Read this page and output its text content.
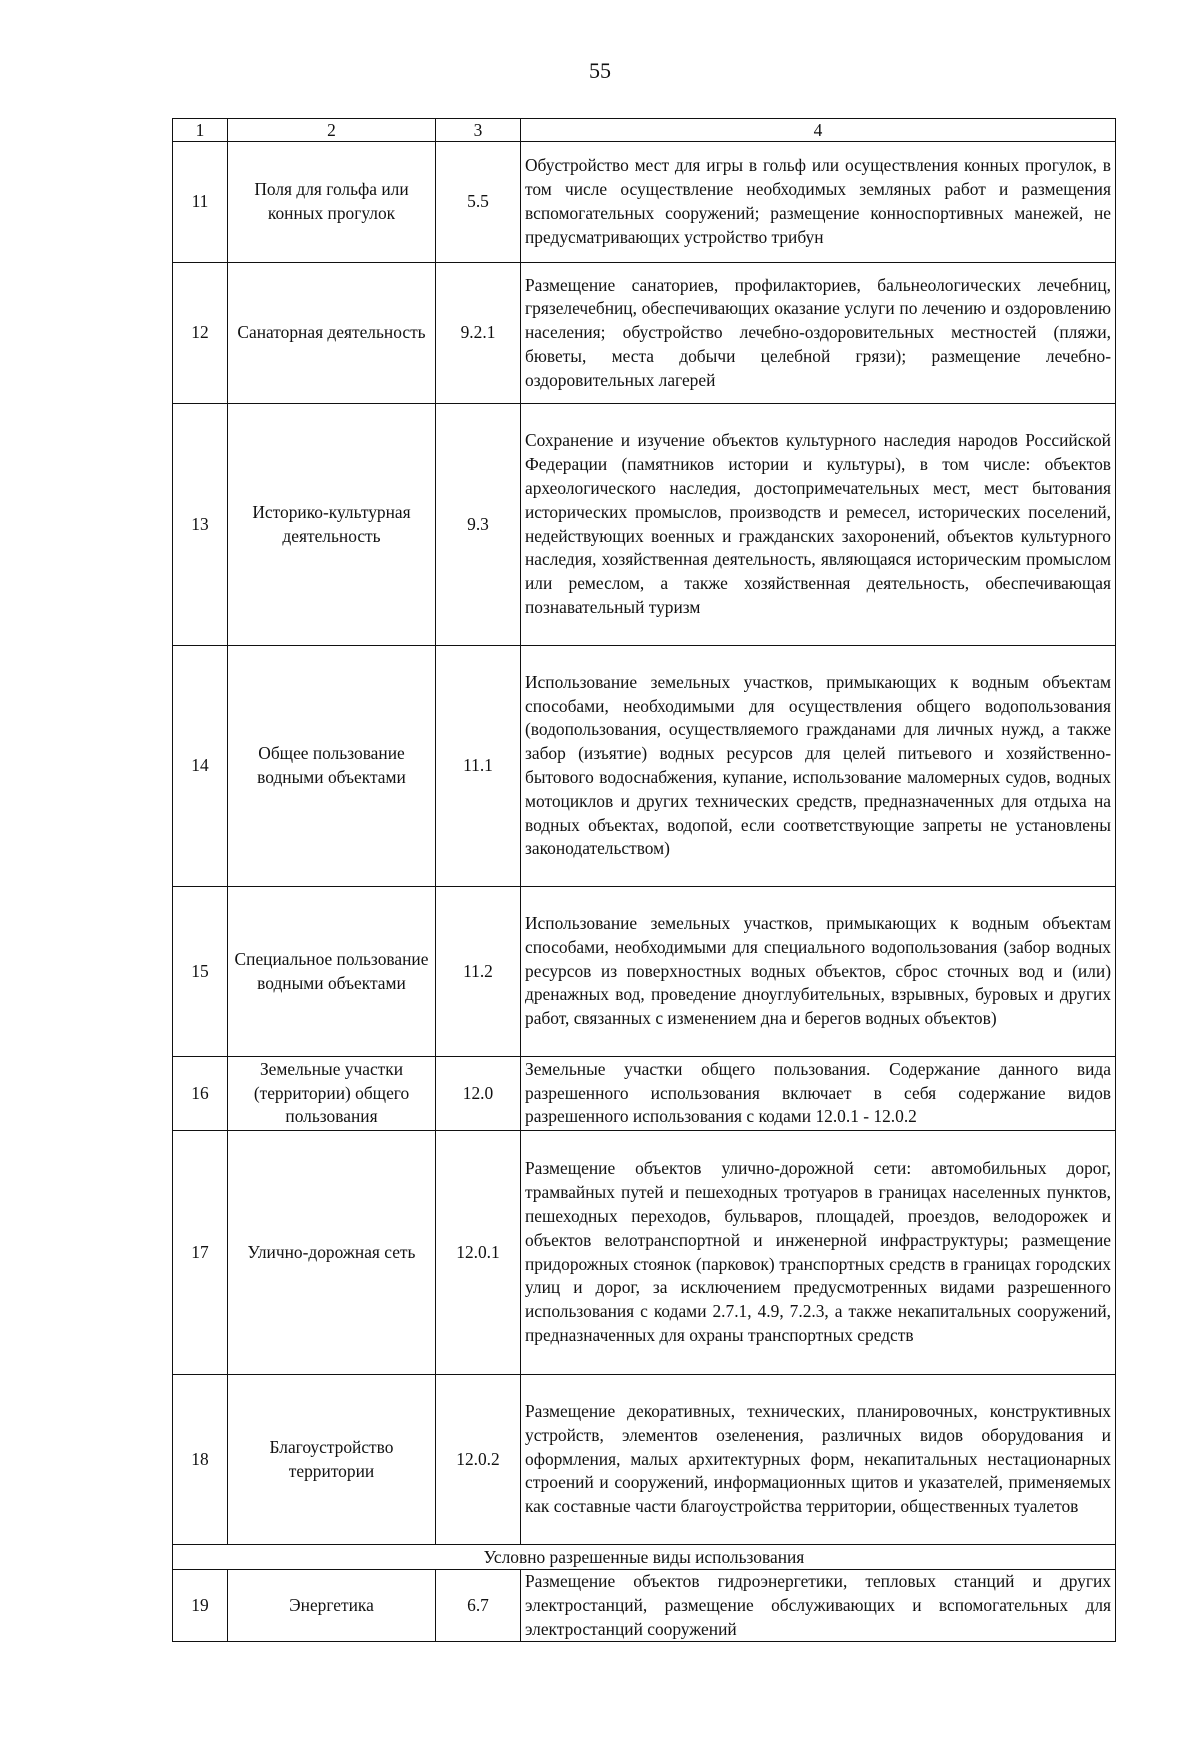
55
1	2	3	4
11	Поля для гольфа или конных прогулок	5.5	Обустройство мест для игры в гольф или осуществления конных прогулок, в том числе осуществление необходимых земляных работ и размещения вспомогательных сооружений; размещение конноспортивных манежей, не предусматривающих устройство трибун
12	Санаторная деятельность	9.2.1	Размещение санаториев, профилакториев, бальнеологических лечебниц, грязелечебниц, обеспечивающих оказание услуги по лечению и оздоровлению населения; обустройство лечебно-оздоровительных местностей (пляжи, бюветы, места добычи целебной грязи); размещение лечебно-оздоровительных лагерей
13	Историко-культурная деятельность	9.3	Сохранение и изучение объектов культурного наследия народов Российской Федерации (памятников истории и культуры), в том числе: объектов археологического наследия, достопримечательных мест, мест бытования исторических промыслов, производств и ремесел, исторических поселений, недействующих военных и гражданских захоронений, объектов культурного наследия, хозяйственная деятельность, являющаяся историческим промыслом или ремеслом, а также хозяйственная деятельность, обеспечивающая познавательный туризм
14	Общее пользование водными объектами	11.1	Использование земельных участков, примыкающих к водным объектам способами, необходимыми для осуществления общего водопользования (водопользования, осуществляемого гражданами для личных нужд, а также забор (изъятие) водных ресурсов для целей питьевого и хозяйственно-бытового водоснабжения, купание, использование маломерных судов, водных мотоциклов и других технических средств, предназначенных для отдыха на водных объектах, водопой, если соответствующие запреты не установлены законодательством)
15	Специальное пользование водными объектами	11.2	Использование земельных участков, примыкающих к водным объектам способами, необходимыми для специального водопользования (забор водных ресурсов из поверхностных водных объектов, сброс сточных вод и (или) дренажных вод, проведение дноуглубительных, взрывных, буровых и других работ, связанных с изменением дна и берегов водных объектов)
16	Земельные участки (территории) общего пользования	12.0	Земельные участки общего пользования. Содержание данного вида разрешенного использования включает в себя содержание видов разрешенного использования с кодами 12.0.1 - 12.0.2
17	Улично-дорожная сеть	12.0.1	Размещение объектов улично-дорожной сети: автомобильных дорог, трамвайных путей и пешеходных тротуаров в границах населенных пунктов, пешеходных переходов, бульваров, площадей, проездов, велодорожек и объектов велотранспортной и инженерной инфраструктуры; размещение придорожных стоянок (парковок) транспортных средств в границах городских улиц и дорог, за исключением предусмотренных видами разрешенного использования с кодами 2.7.1, 4.9, 7.2.3, а также некапитальных сооружений, предназначенных для охраны транспортных средств
18	Благоустройство территории	12.0.2	Размещение декоративных, технических, планировочных, конструктивных устройств, элементов озеленения, различных видов оборудования и оформления, малых архитектурных форм, некапитальных нестационарных строений и сооружений, информационных щитов и указателей, применяемых как составные части благоустройства территории, общественных туалетов
Условно разрешенные виды использования			
19	Энергетика	6.7	Размещение объектов гидроэнергетики, тепловых станций и других электростанций, размещение обслуживающих и вспомогательных для электростанций сооружений
